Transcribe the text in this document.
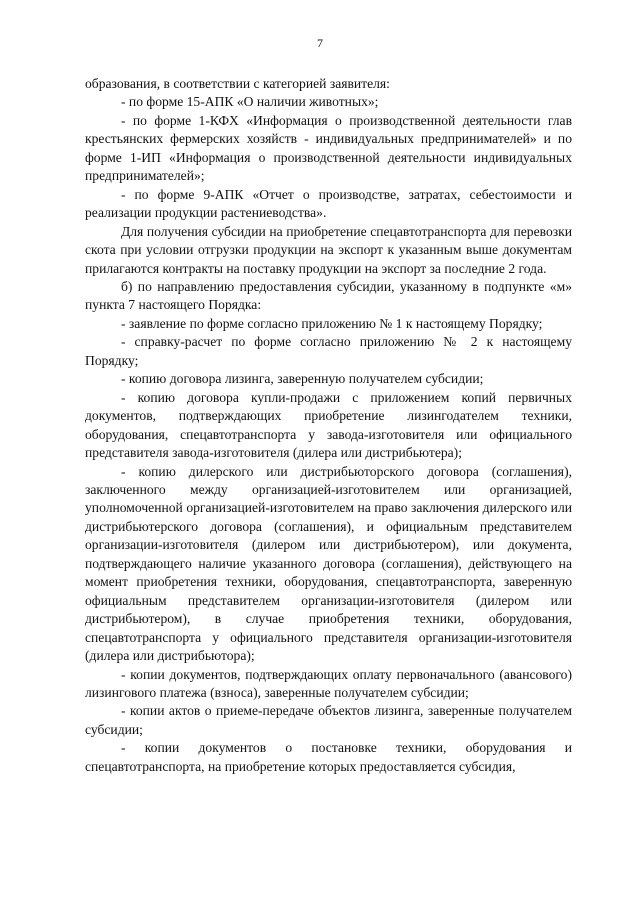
7

образования, в соответствии с категорией заявителя:

- по форме 15-АПК «О наличии животных»;

- по форме 1-КФХ «Информация о производственной деятельности глав крестьянских фермерских хозяйств - индивидуальных предпринимателей» и по форме 1-ИП «Информация о производственной деятельности индивидуальных предпринимателей»;

- по форме 9-АПК «Отчет о производстве, затратах, себестоимости и реализации продукции растениеводства».

Для получения субсидии на приобретение спецавтотранспорта для перевозки скота при условии отгрузки продукции на экспорт к указанным выше документам прилагаются контракты на поставку продукции на экспорт за последние 2 года.

б) по направлению предоставления субсидии, указанному в подпункте «м» пункта 7 настоящего Порядка:

- заявление по форме согласно приложению № 1 к настоящему Порядку;

- справку-расчет по форме согласно приложению № 2 к настоящему Порядку;

- копию договора лизинга, заверенную получателем субсидии;

- копию договора купли-продажи с приложением копий первичных документов, подтверждающих приобретение лизингодателем техники, оборудования, спецавтотранспорта у завода-изготовителя или официального представителя завода-изготовителя (дилера или дистрибьютера);

- копию дилерского или дистрибьюторского договора (соглашения), заключенного между организацией-изготовителем или организацией, уполномоченной организацией-изготовителем на право заключения дилерского или дистрибьютерского договора (соглашения), и официальным представителем организации-изготовителя (дилером или дистрибьютером), или документа, подтверждающего наличие указанного договора (соглашения), действующего на момент приобретения техники, оборудования, спецавтотранспорта, заверенную официальным представителем организации-изготовителя (дилером или дистрибьютером), в случае приобретения техники, оборудования, спецавтотранспорта у официального представителя организации-изготовителя (дилера или дистрибьютора);

- копии документов, подтверждающих оплату первоначального (авансового) лизингового платежа (взноса), заверенные получателем субсидии;

- копии актов о приеме-передаче объектов лизинга, заверенные получателем субсидии;

- копии документов о постановке техники, оборудования и спецавтотранспорта, на приобретение которых предоставляется субсидия,
